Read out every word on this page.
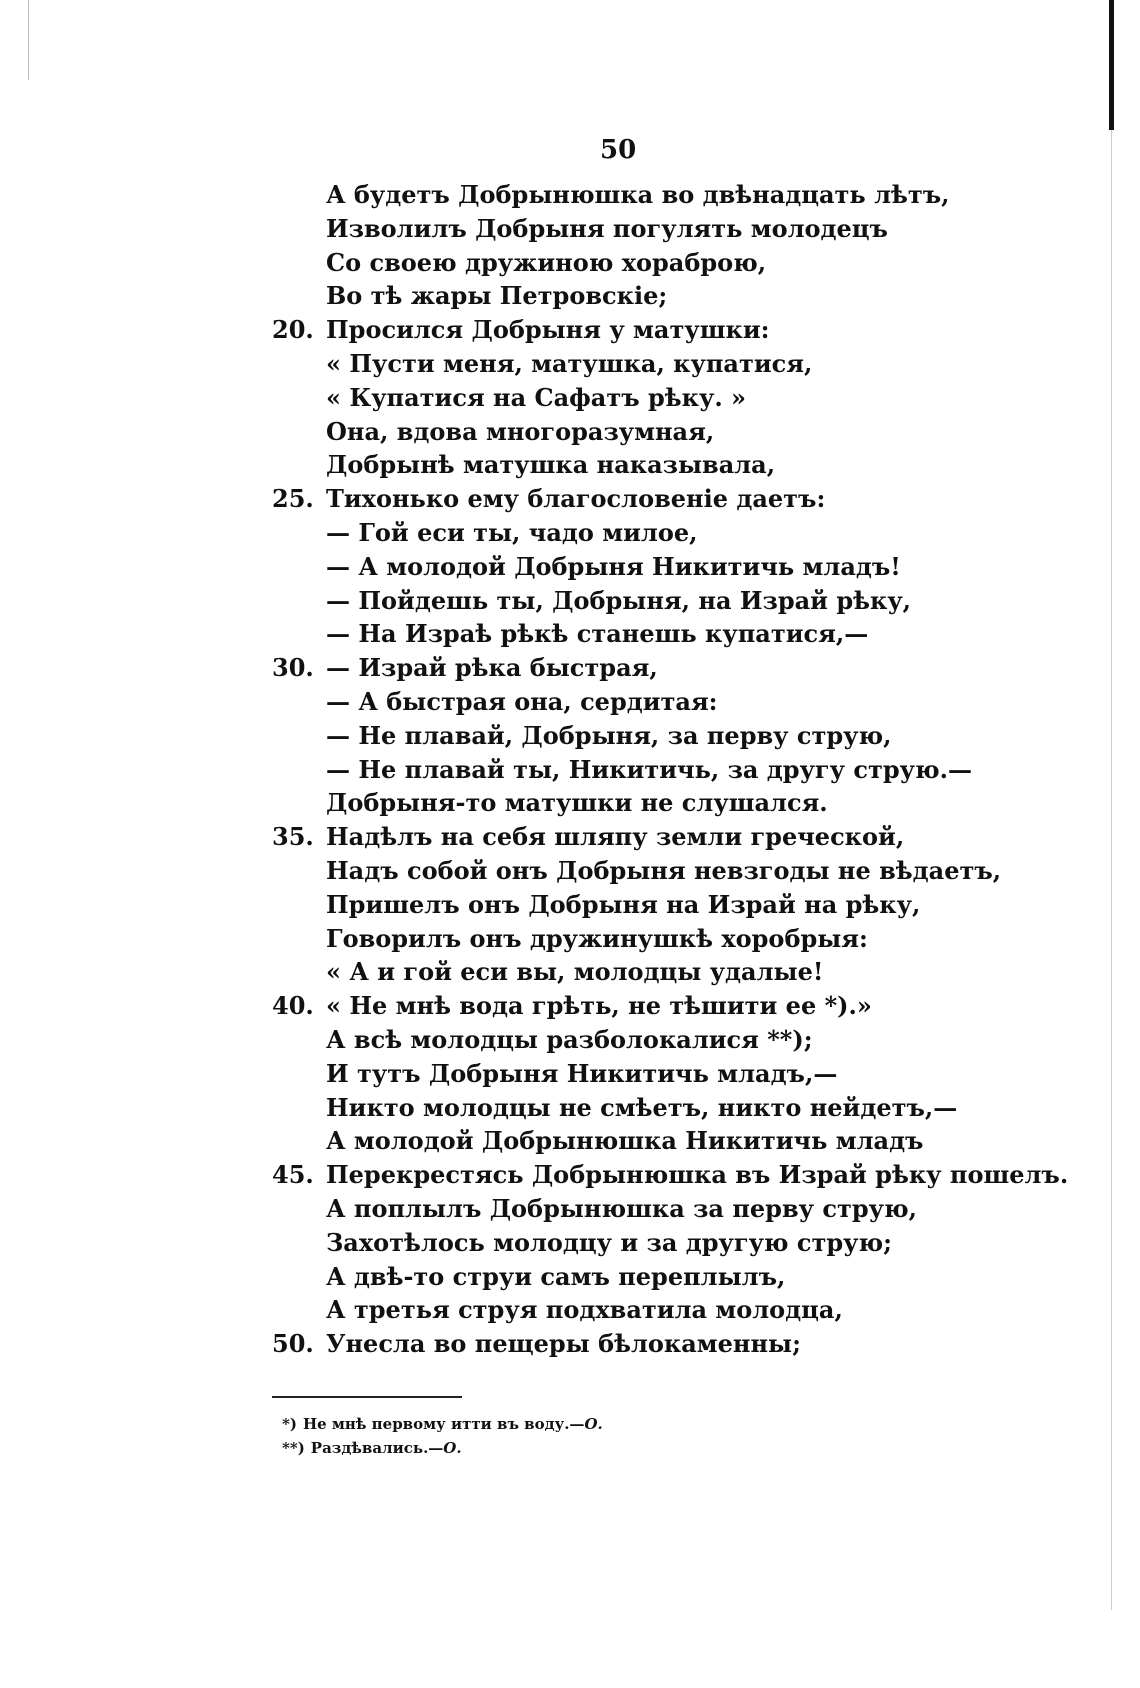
50
А будетъ Добрынюшка во двѣнадцать лѣтъ,
Изволилъ Добрыня погулять молодецъ
Со своею дружиною хораброю,
Во тѣ жары Петровскіе;
20. Просился Добрыня у матушки:
« Пусти меня, матушка, купатися,
« Купатися на Сафатъ рѣку. »
Она, вдова многоразумная,
Добрынѣ матушка наказывала,
25. Тихонько ему благословеніе даетъ:
— Гой еси ты, чадо милое,
— А молодой Добрыня Никитичь младъ!
— Пойдешь ты, Добрыня, на Израй рѣку,
— На Израѣ рѣкѣ станешь купатися,—
30. — Израй рѣка быстрая,
— А быстрая она, сердитая:
— Не плавай, Добрыня, за перву струю,
— Не плавай ты, Никитичь, за другу струю.—
Добрыня-то матушки не слушался.
35. Надѣлъ на себя шляпу земли греческой,
Надъ собой онъ Добрыня невзгоды не вѣдаетъ,
Пришелъ онъ Добрыня на Израй на рѣку,
Говорилъ онъ дружинушкѣ хоробрыя:
« А и гой еси вы, молодцы удалые!
40. « Не мнѣ вода грѣть, не тѣшити ее *).»
А всѣ молодцы разболокалися **);
И тутъ Добрыня Никитичь младъ,—
Никто молодцы не смѣетъ, никто нейдетъ,—
А молодой Добрынюшка Никитичь младъ
45. Перекрестясь Добрынюшка въ Израй рѣку пошелъ.
А поплылъ Добрынюшка за перву струю,
Захотѣлось молодцу и за другую струю;
А двѣ-то струи самъ переплылъ,
А третья струя подхватила молодца,
50. Унесла во пещеры бѣлокаменны;
*) Не мнѣ первому итти въ воду.—О.
**) Раздѣвались.—О.
